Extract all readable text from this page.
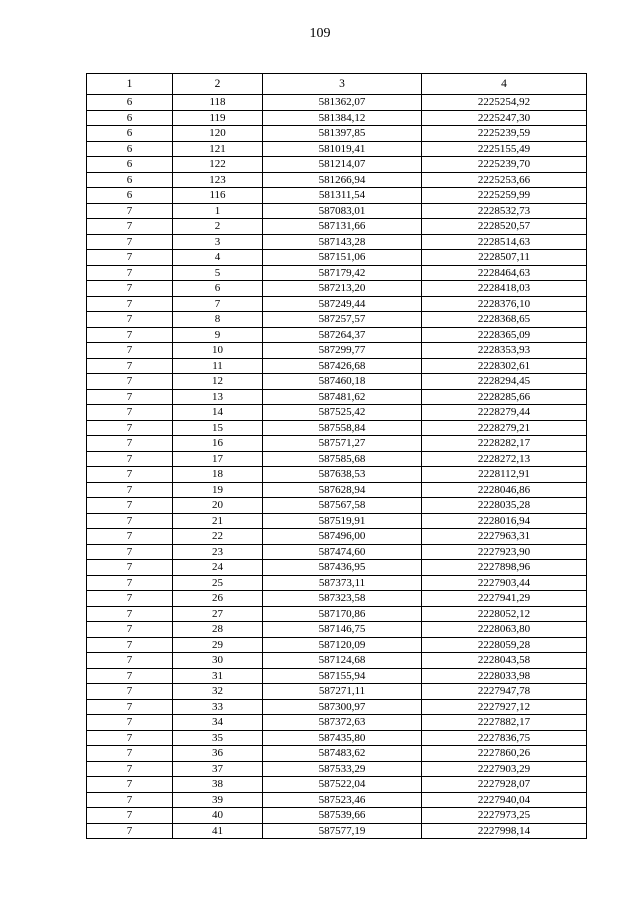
109
1	2	3	4
6	118	581362,07	2225254,92
6	119	581384,12	2225247,30
6	120	581397,85	2225239,59
6	121	581019,41	2225155,49
6	122	581214,07	2225239,70
6	123	581266,94	2225253,66
6	116	581311,54	2225259,99
7	1	587083,01	2228532,73
7	2	587131,66	2228520,57
7	3	587143,28	2228514,63
7	4	587151,06	2228507,11
7	5	587179,42	2228464,63
7	6	587213,20	2228418,03
7	7	587249,44	2228376,10
7	8	587257,57	2228368,65
7	9	587264,37	2228365,09
7	10	587299,77	2228353,93
7	11	587426,68	2228302,61
7	12	587460,18	2228294,45
7	13	587481,62	2228285,66
7	14	587525,42	2228279,44
7	15	587558,84	2228279,21
7	16	587571,27	2228282,17
7	17	587585,68	2228272,13
7	18	587638,53	2228112,91
7	19	587628,94	2228046,86
7	20	587567,58	2228035,28
7	21	587519,91	2228016,94
7	22	587496,00	2227963,31
7	23	587474,60	2227923,90
7	24	587436,95	2227898,96
7	25	587373,11	2227903,44
7	26	587323,58	2227941,29
7	27	587170,86	2228052,12
7	28	587146,75	2228063,80
7	29	587120,09	2228059,28
7	30	587124,68	2228043,58
7	31	587155,94	2228033,98
7	32	587271,11	2227947,78
7	33	587300,97	2227927,12
7	34	587372,63	2227882,17
7	35	587435,80	2227836,75
7	36	587483,62	2227860,26
7	37	587533,29	2227903,29
7	38	587522,04	2227928,07
7	39	587523,46	2227940,04
7	40	587539,66	2227973,25
7	41	587577,19	2227998,14
